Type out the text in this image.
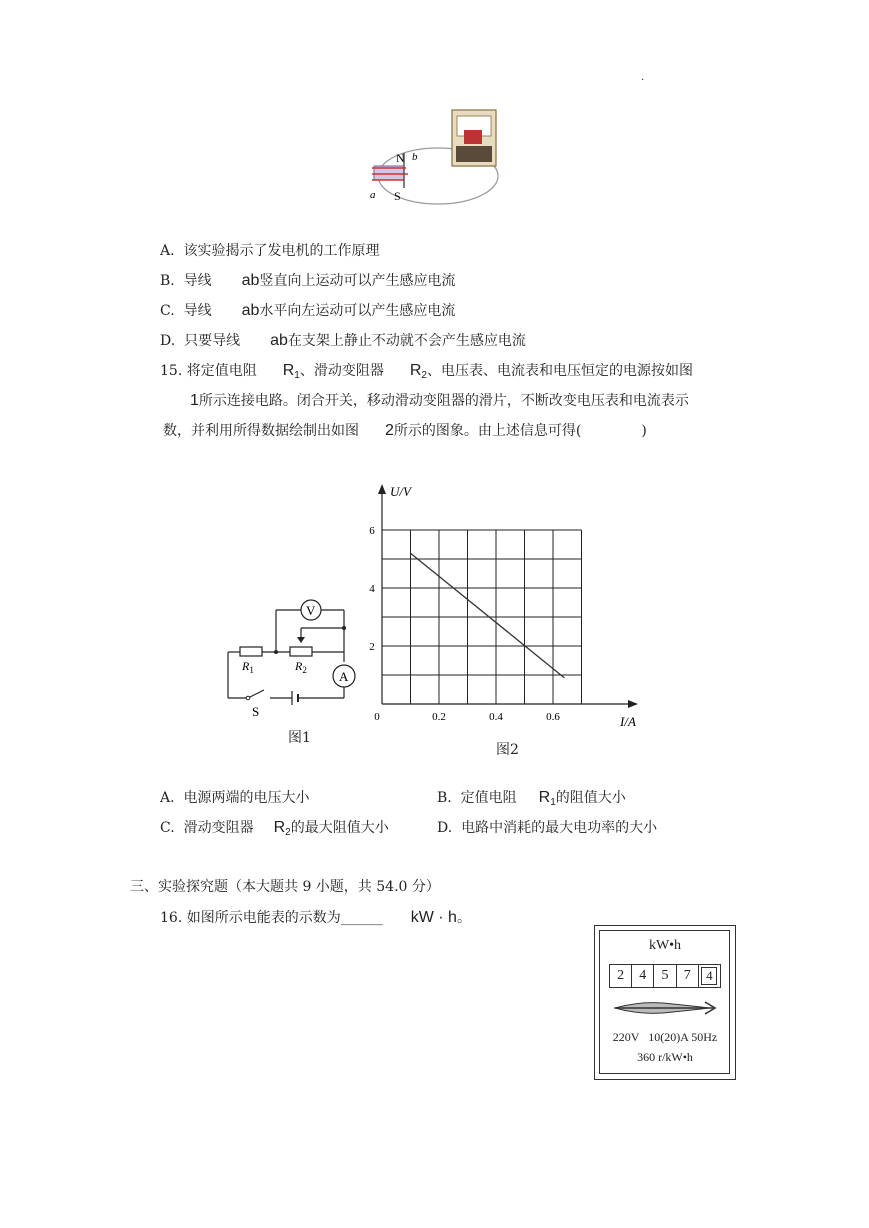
.
N b
a S
A. 该实验揭示了发电机的工作原理
B. 导线 ab竖直向上运动可以产生感应电流
C. 导线 ab水平向左运动可以产生感应电流
D. 只要导线 ab在支架上静止不动就不会产生感应电流
15. 将定值电阻 $R_1$、滑动变阻器 $R_2$、电压表、电流表和电压恒定的电源按如图
1所示连接电路。闭合开关，移动滑动变阻器的滑片，不断改变电压表和电流表示
数，并利用所得数据绘制出如图 2所示的图象。由上述信息可得(	)
V
A
$R_1$	$R_2$
S
图1
U/V
I/A
0	0.2	0.4	0.6
2
4
6
图2
A. 电源两端的电压大小	B. 定值电阻 $R_1$的阻值大小
C. 滑动变阻器 $R_2$的最大阻值大小	D. 电路中消耗的最大电功率的大小
三、实验探究题（本大题共 9 小题，共 54.0 分）
16. 如图所示电能表的示数为______ kW · h。
kW•h
2	4	5	7	4
220V   10(20)A 50Hz
360 r/kW•h
